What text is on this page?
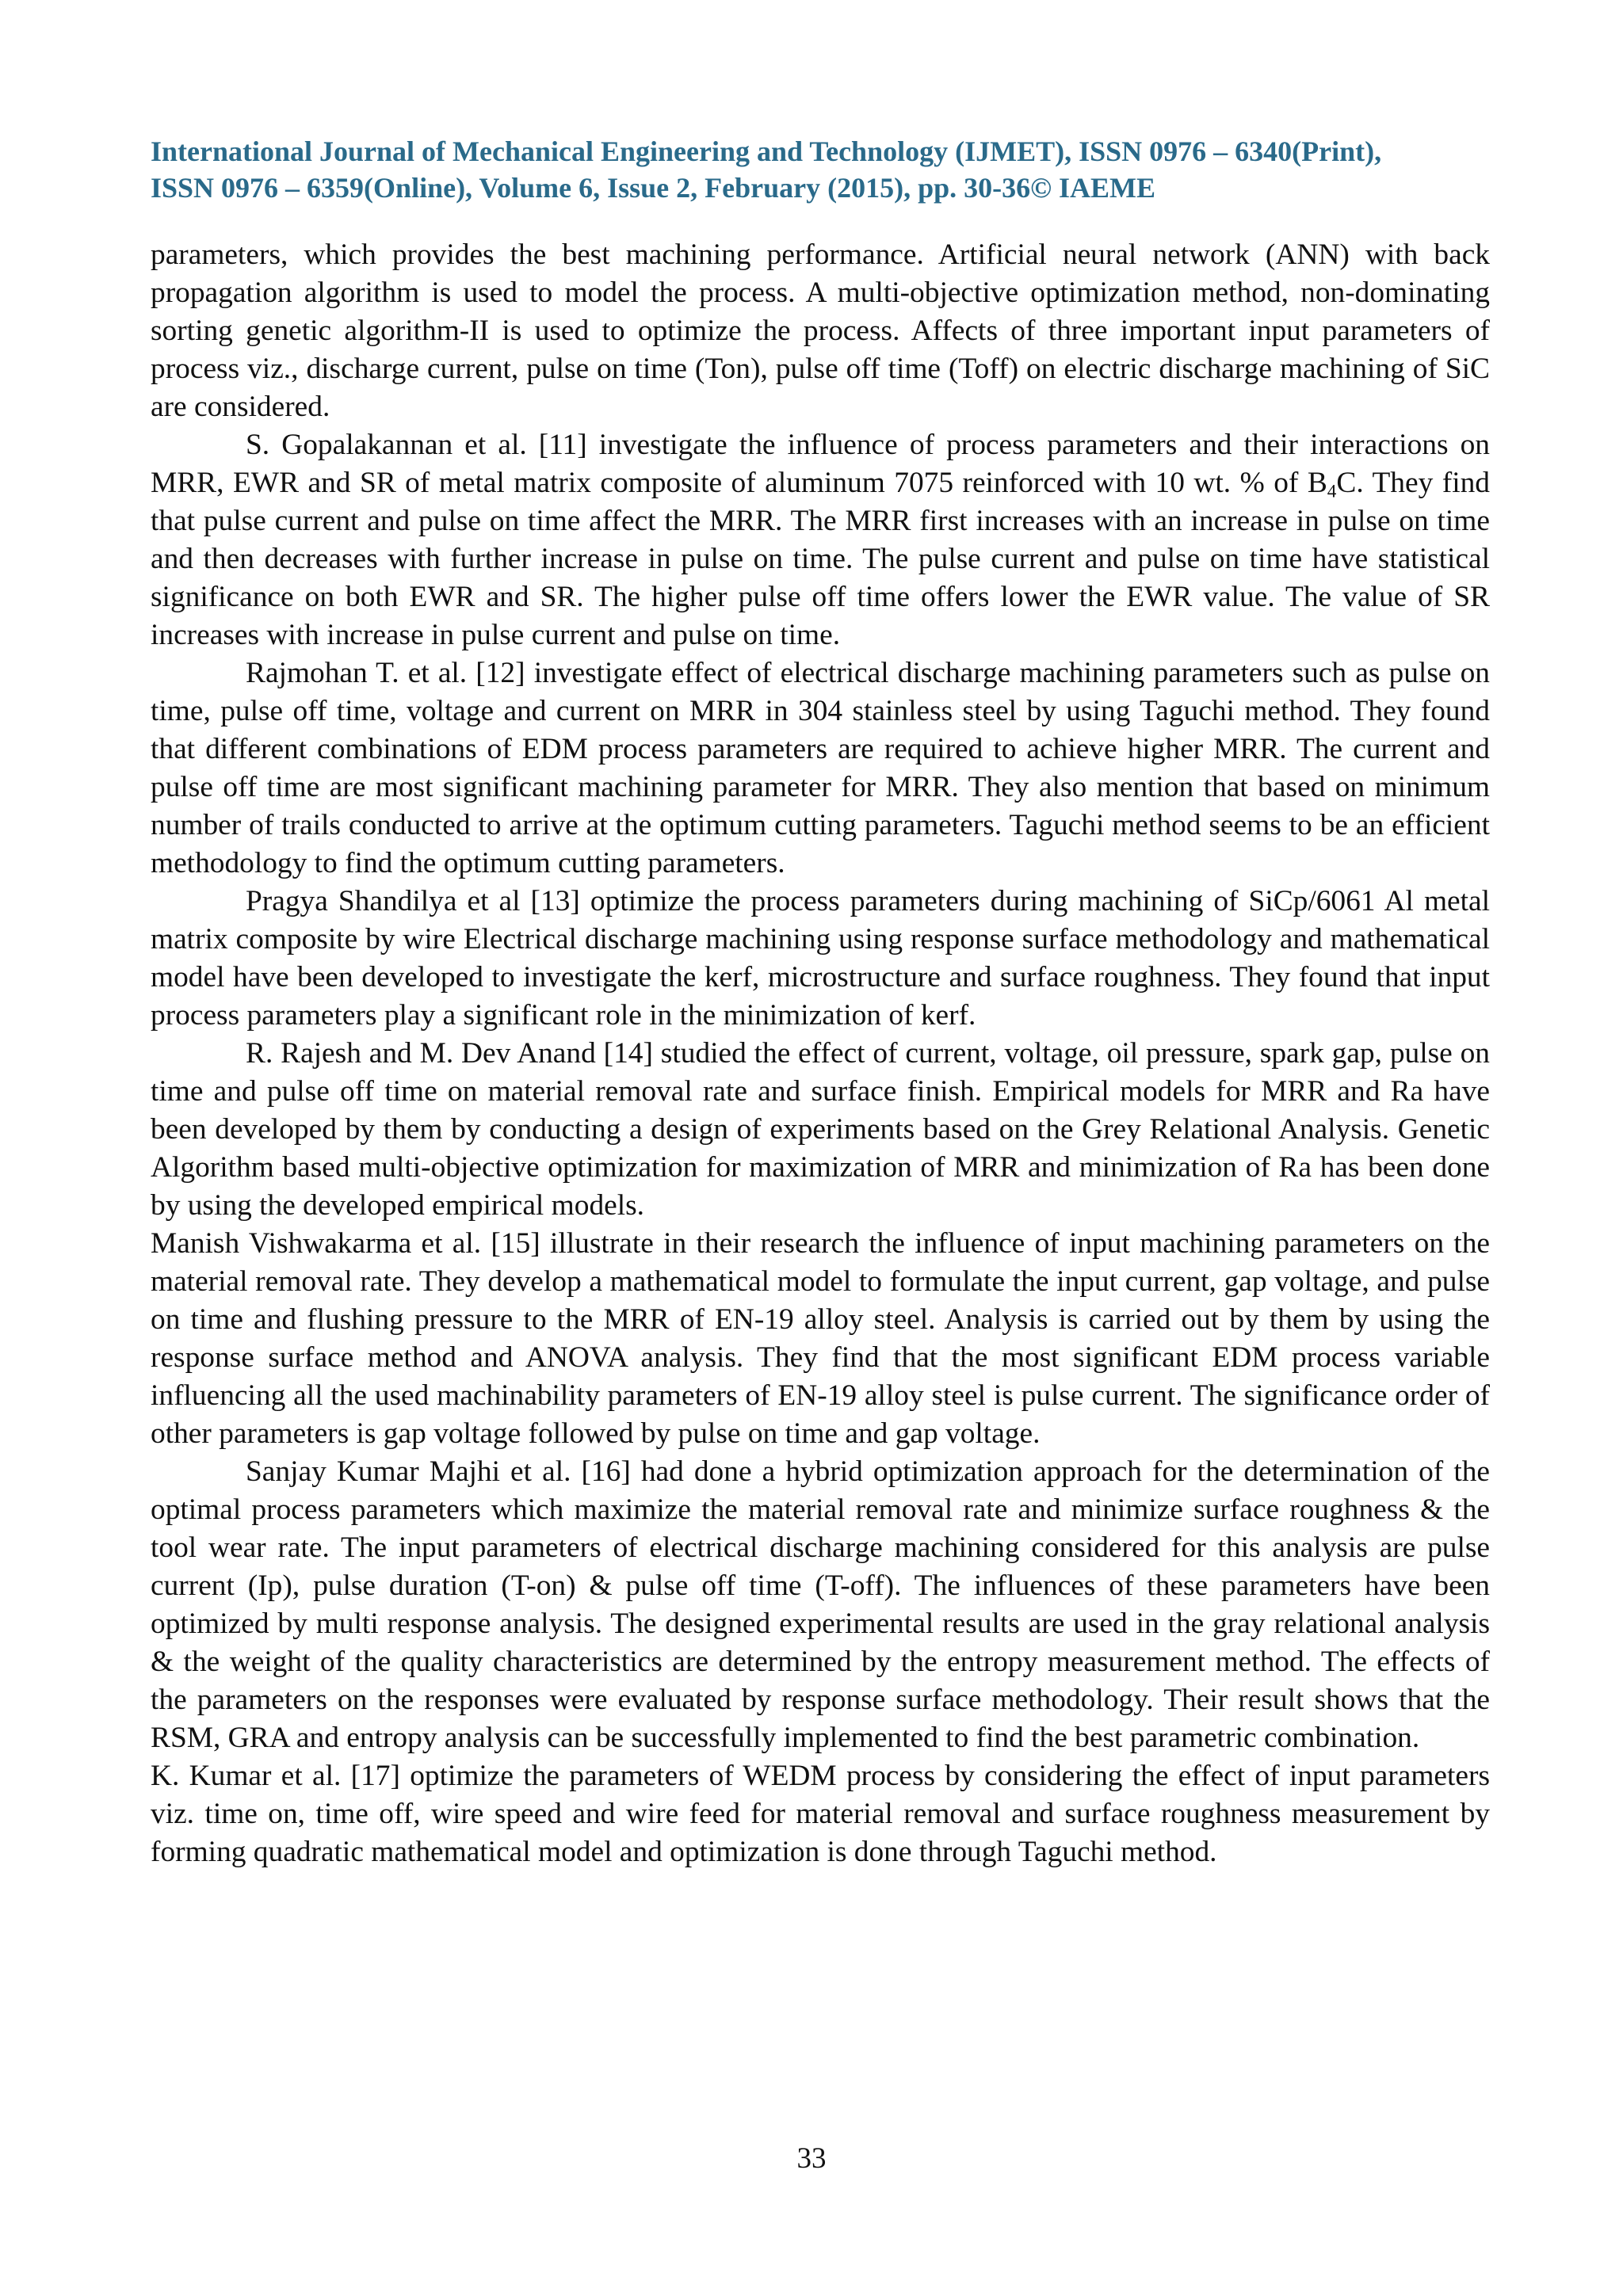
International Journal of Mechanical Engineering and Technology (IJMET), ISSN 0976 – 6340(Print),
ISSN 0976 – 6359(Online), Volume 6, Issue 2, February (2015), pp. 30-36© IAEME

parameters, which provides the best machining performance. Artificial neural network (ANN) with back propagation algorithm is used to model the process. A multi-objective optimization method, non-dominating sorting genetic algorithm-II is used to optimize the process. Affects of three important input parameters of process viz., discharge current, pulse on time (Ton), pulse off time (Toff) on electric discharge machining of SiC are considered.

S. Gopalakannan et al. [11] investigate the influence of process parameters and their interactions on MRR, EWR and SR of metal matrix composite of aluminum 7075 reinforced with 10 wt. % of $B_4C$. They find that pulse current and pulse on time affect the MRR. The MRR first increases with an increase in pulse on time and then decreases with further increase in pulse on time. The pulse current and pulse on time have statistical significance on both EWR and SR. The higher pulse off time offers lower the EWR value. The value of SR increases with increase in pulse current and pulse on time.

Rajmohan T. et al. [12] investigate effect of electrical discharge machining parameters such as pulse on time, pulse off time, voltage and current on MRR in 304 stainless steel by using Taguchi method. They found that different combinations of EDM process parameters are required to achieve higher MRR. The current and pulse off time are most significant machining parameter for MRR. They also mention that based on minimum number of trails conducted to arrive at the optimum cutting parameters. Taguchi method seems to be an efficient methodology to find the optimum cutting parameters.

Pragya Shandilya et al [13] optimize the process parameters during machining of SiCp/6061 Al metal matrix composite by wire Electrical discharge machining using response surface methodology and mathematical model have been developed to investigate the kerf, microstructure and surface roughness. They found that input process parameters play a significant role in the minimization of kerf.

R. Rajesh and M. Dev Anand [14] studied the effect of current, voltage, oil pressure, spark gap, pulse on time and pulse off time on material removal rate and surface finish. Empirical models for MRR and Ra have been developed by them by conducting a design of experiments based on the Grey Relational Analysis. Genetic Algorithm based multi-objective optimization for maximization of MRR and minimization of Ra has been done by using the developed empirical models.

Manish Vishwakarma et al. [15] illustrate in their research the influence of input machining parameters on the material removal rate. They develop a mathematical model to formulate the input current, gap voltage, and pulse on time and flushing pressure to the MRR of EN-19 alloy steel. Analysis is carried out by them by using the response surface method and ANOVA analysis. They find that the most significant EDM process variable influencing all the used machinability parameters of EN-19 alloy steel is pulse current. The significance order of other parameters is gap voltage followed by pulse on time and gap voltage.

Sanjay Kumar Majhi et al. [16] had done a hybrid optimization approach for the determination of the optimal process parameters which maximize the material removal rate and minimize surface roughness & the tool wear rate. The input parameters of electrical discharge machining considered for this analysis are pulse current (Ip), pulse duration (T-on) & pulse off time (T-off). The influences of these parameters have been optimized by multi response analysis. The designed experimental results are used in the gray relational analysis & the weight of the quality characteristics are determined by the entropy measurement method. The effects of the parameters on the responses were evaluated by response surface methodology. Their result shows that the RSM, GRA and entropy analysis can be successfully implemented to find the best parametric combination.

K. Kumar et al. [17] optimize the parameters of WEDM process by considering the effect of input parameters viz. time on, time off, wire speed and wire feed for material removal and surface roughness measurement by forming quadratic mathematical model and optimization is done through Taguchi method.

33
